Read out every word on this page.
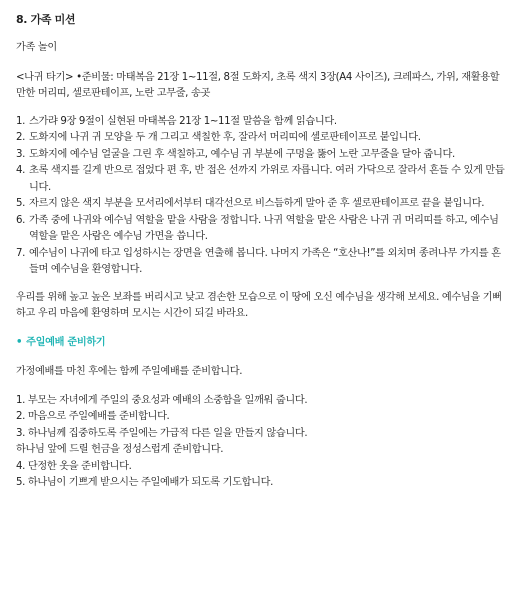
8. 가족 미션
가족 놀이
<나귀 타기> •준비물: 마태복음 21장 1~11절, 8절 도화지, 초록 색지 3장(A4 사이즈), 크레파스, 가위, 재활용할 만한 머리띠, 셀로판테이프, 노란 고무줄, 송곳
1. 스가랴 9장 9절이 실현된 마태복음 21장 1~11절 말씀을 함께 읽습니다.
2. 도화지에 나귀 귀 모양을 두 개 그리고 색칠한 후, 잘라서 머리띠에 셀로판테이프로 붙입니다.
3. 도화지에 예수님 얼굴을 그린 후 색칠하고, 예수님 귀 부분에 구멍을 뚫어 노란 고무줄을 달아 줍니다.
4. 초록 색지를 길게 반으로 접었다 편 후, 반 접은 선까지 가위로 자릅니다. 여러 가닥으로 잘라서 흔들 수 있게 만듭니다.
5. 자르지 않은 색지 부분을 모서리에서부터 대각선으로 비스듬하게 말아 준 후 셀로판테이프로 끝을 붙입니다.
6. 가족 중에 나귀와 예수님 역할을 맡을 사람을 정합니다. 나귀 역할을 맡은 사람은 나귀 귀 머리띠를 하고, 예수님 역할을 맡은 사람은 예수님 가면을 씁니다.
7. 예수님이 나귀에 타고 입성하시는 장면을 연출해 봅니다. 나머지 가족은 “호산나!”를 외치며 종려나무 가지를 흔들며 예수님을 환영합니다.
우리를 위해 높고 높은 보좌를 버리시고 낮고 겸손한 모습으로 이 땅에 오신 예수님을 생각해 보세요. 예수님을 기뻐하고 우리 마음에 환영하며 모시는 시간이 되길 바라요.
• 주일예배 준비하기
가정예배를 마친 후에는 함께 주일예배를 준비합니다.
1. 부모는 자녀에게 주일의 중요성과 예배의 소중함을 일깨워 줍니다.
2. 마음으로 주일예배를 준비합니다.
3. 하나님께 집중하도록 주일에는 가급적 다른 일을 만들지 않습니다.
하나님 앞에 드릴 헌금을 정성스럽게 준비합니다.
4. 단정한 옷을 준비합니다.
5. 하나님이 기쁘게 받으시는 주일예배가 되도록 기도합니다.
